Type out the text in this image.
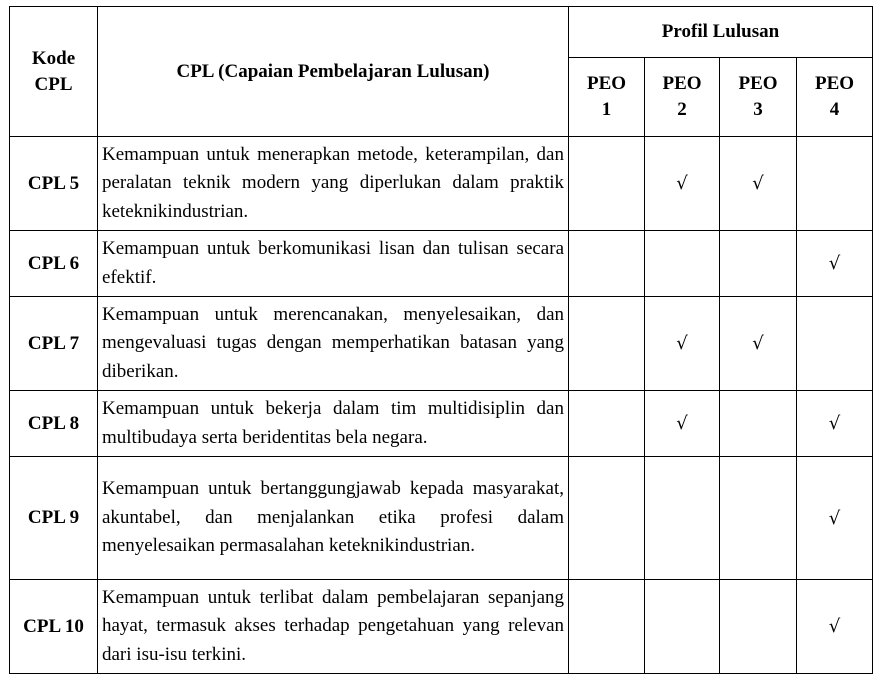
Kode CPL	CPL (Capaian Pembelajaran Lulusan)	Profil Lulusan			
		PEO 1	PEO 2	PEO 3	PEO 4
CPL 5	Kemampuan untuk menerapkan metode, keterampilan, dan peralatan teknik modern yang diperlukan dalam praktik keteknikindustrian.		√	√	
CPL 6	Kemampuan untuk berkomunikasi lisan dan tulisan secara efektif.				√
CPL 7	Kemampuan untuk merencanakan, menyelesaikan, dan mengevaluasi tugas dengan memperhatikan batasan yang diberikan.		√	√	
CPL 8	Kemampuan untuk bekerja dalam tim multidisiplin dan multibudaya serta beridentitas bela negara.		√		√
CPL 9	Kemampuan untuk bertanggungjawab kepada masyarakat, akuntabel, dan menjalankan etika profesi dalam menyelesaikan permasalahan keteknikindustrian.				√
CPL 10	Kemampuan untuk terlibat dalam pembelajaran sepanjang hayat, termasuk akses terhadap pengetahuan yang relevan dari isu-isu terkini.				√
